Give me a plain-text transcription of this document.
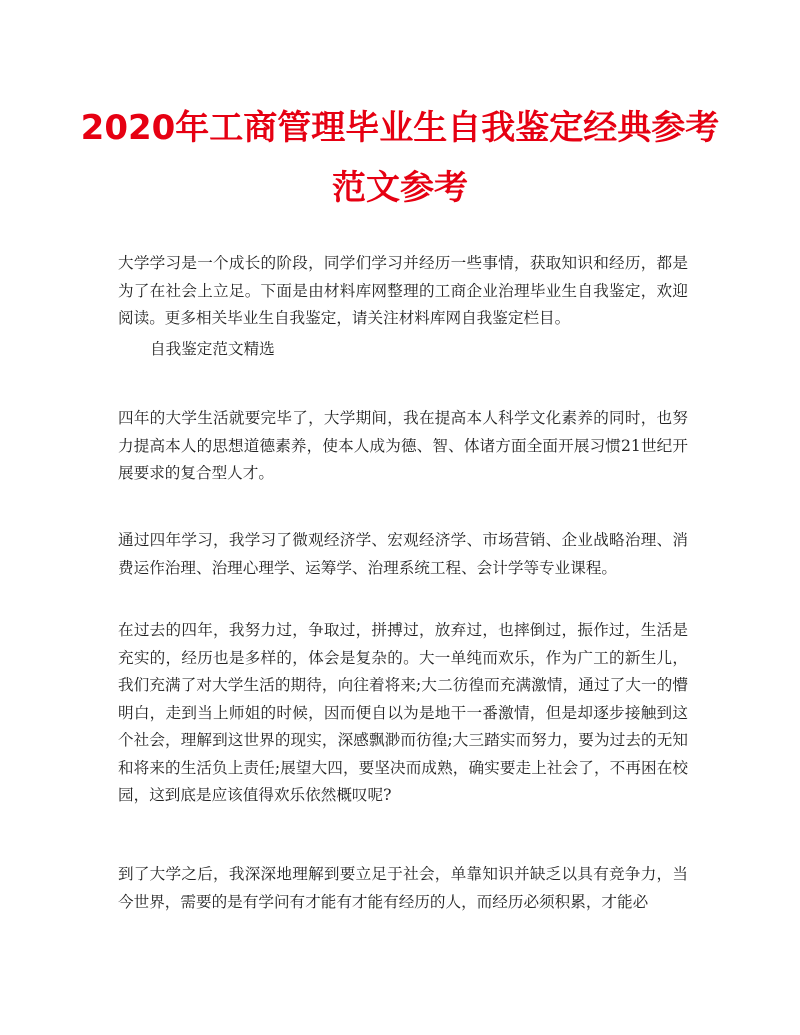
2020年工商管理毕业生自我鉴定经典参考
范文参考

大学学习是一个成长的阶段，同学们学习并经历一些事情，获取知识和经历，都是为了在社会上立足。下面是由材料库网整理的工商企业治理毕业生自我鉴定，欢迎阅读。更多相关毕业生自我鉴定，请关注材料库网自我鉴定栏目。

自我鉴定范文精选

四年的大学生活就要完毕了，大学期间，我在提高本人科学文化素养的同时，也努力提高本人的思想道德素养，使本人成为德、智、体诸方面全面开展习惯21世纪开展要求的复合型人才。

通过四年学习，我学习了微观经济学、宏观经济学、市场营销、企业战略治理、消费运作治理、治理心理学、运筹学、治理系统工程、会计学等专业课程。

在过去的四年，我努力过，争取过，拼搏过，放弃过，也摔倒过，振作过，生活是充实的，经历也是多样的，体会是复杂的。大一单纯而欢乐，作为广工的新生儿，我们充满了对大学生活的期待，向往着将来;大二彷徨而充满激情，通过了大一的懵明白，走到当上师姐的时候，因而便自以为是地干一番激情，但是却逐步接触到这个社会，理解到这世界的现实，深感飘渺而彷徨;大三踏实而努力，要为过去的无知和将来的生活负上责任;展望大四，要坚决而成熟，确实要走上社会了，不再困在校园，这到底是应该值得欢乐依然概叹呢?

到了大学之后，我深深地理解到要立足于社会，单靠知识并缺乏以具有竞争力，当今世界，需要的是有学问有才能有才能有经历的人，而经历必须积累，才能必
